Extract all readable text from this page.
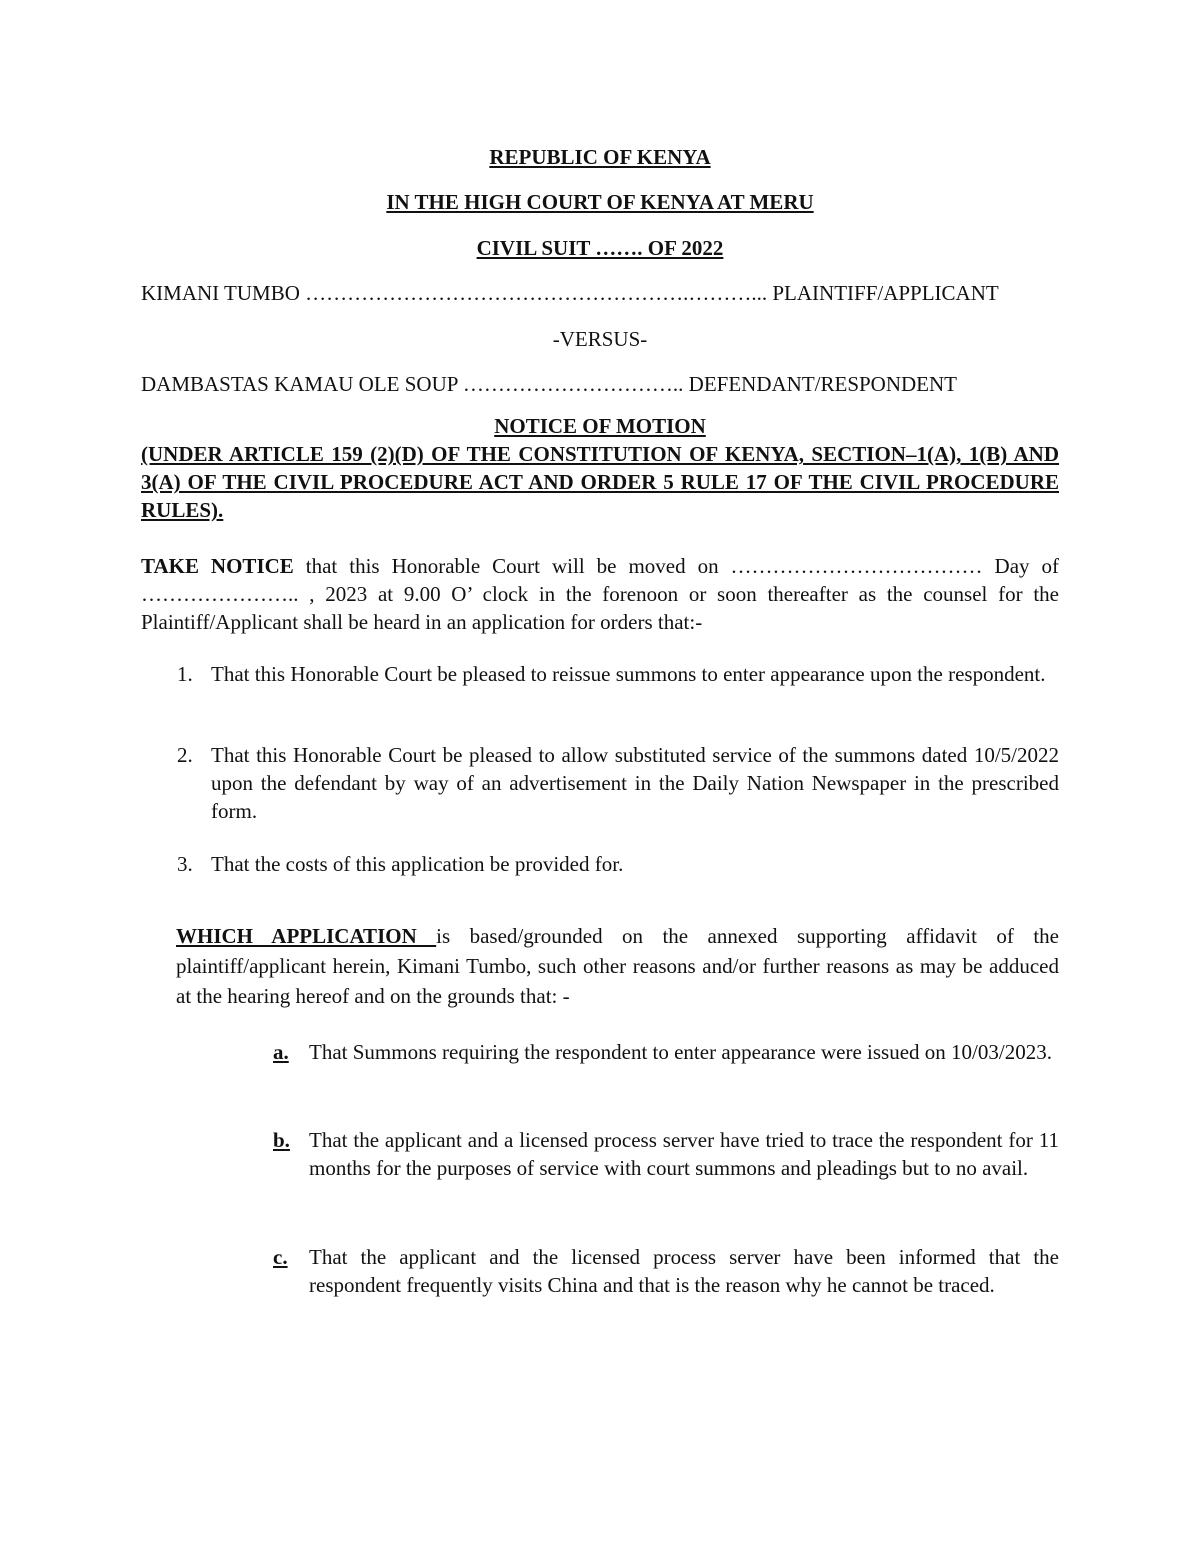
REPUBLIC OF KENYA
IN THE HIGH COURT OF KENYA AT MERU
CIVIL SUIT ……. OF 2022
KIMANI TUMBO ……………………………………………….………... PLAINTIFF/APPLICANT
-VERSUS-
DAMBASTAS KAMAU OLE SOUP ………………………….. DEFENDANT/RESPONDENT
NOTICE OF MOTION
(UNDER ARTICLE 159 (2)(D) OF THE CONSTITUTION OF KENYA, SECTION–1(A), 1(B) AND 3(A) OF THE CIVIL PROCEDURE ACT AND ORDER 5 RULE 17 OF THE CIVIL PROCEDURE RULES).
TAKE NOTICE that this Honorable Court will be moved on ……………………………… Day of ………………….. , 2023 at 9.00 O’ clock in the forenoon or soon thereafter as the counsel for the Plaintiff/Applicant shall be heard in an application for orders that:-
1. That this Honorable Court be pleased to reissue summons to enter appearance upon the respondent.
2. That this Honorable Court be pleased to allow substituted service of the summons dated 10/5/2022 upon the defendant by way of an advertisement in the Daily Nation Newspaper in the prescribed form.
3. That the costs of this application be provided for.
WHICH APPLICATION is based/grounded on the annexed supporting affidavit of the plaintiff/applicant herein, Kimani Tumbo, such other reasons and/or further reasons as may be adduced at the hearing hereof and on the grounds that: -
a. That Summons requiring the respondent to enter appearance were issued on 10/03/2023.
b. That the applicant and a licensed process server have tried to trace the respondent for 11 months for the purposes of service with court summons and pleadings but to no avail.
c.	That the applicant and the licensed process server have been informed that the respondent frequently visits China and that is the reason why he cannot be traced.
